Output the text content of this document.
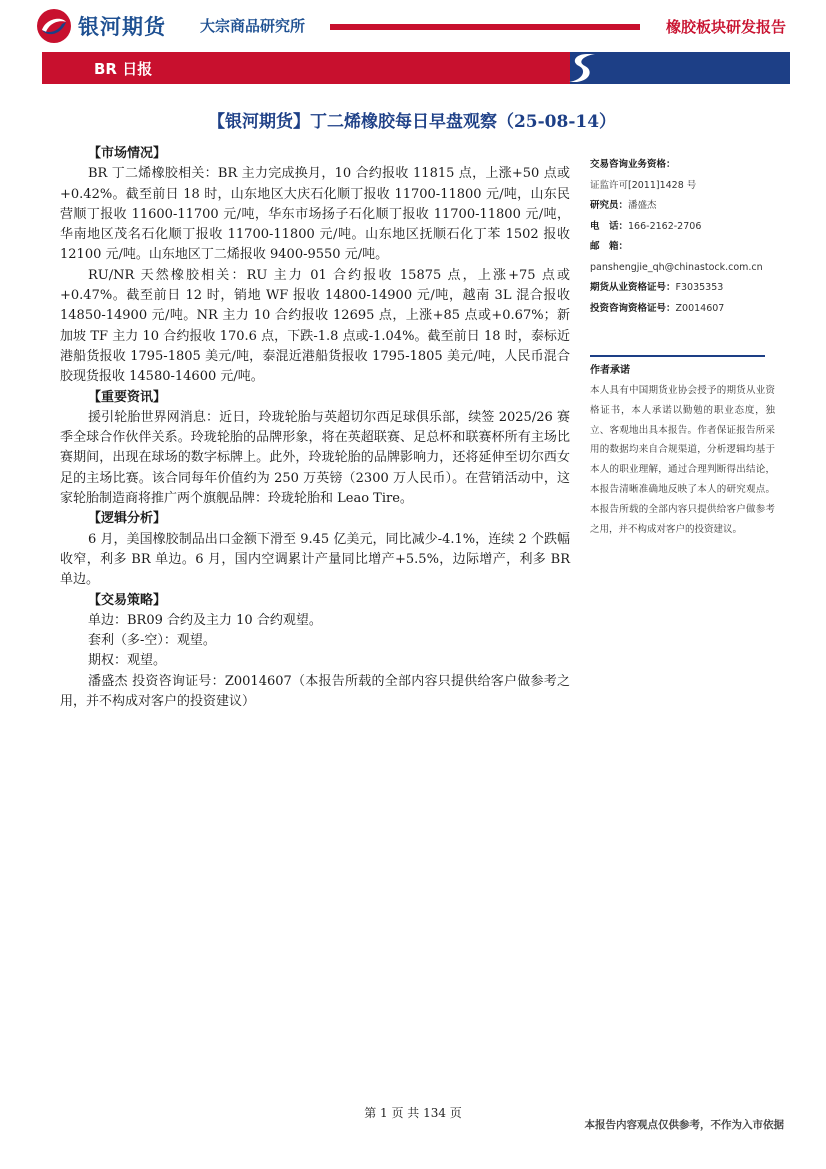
银河期货 大宗商品研究所	橡胶板块研发报告
BR 日报
【银河期货】丁二烯橡胶每日早盘观察（25-08-14）
【市场情况】

BR 丁二烯橡胶相关：BR 主力完成换月，10 合约报收 11815 点，上涨+50 点或+0.42%。截至前日 18 时，山东地区大庆石化顺丁报收 11700-11800 元/吨，山东民营顺丁报收 11600-11700 元/吨，华东市场扬子石化顺丁报收 11700-11800 元/吨，华南地区茂名石化顺丁报收 11700-11800 元/吨。山东地区抚顺石化丁苯 1502 报收 12100 元/吨。山东地区丁二烯报收 9400-9550 元/吨。

RU/NR 天然橡胶相关：RU 主力 01 合约报收 15875 点，上涨+75 点或+0.47%。截至前日 12 时，销地 WF 报收 14800-14900 元/吨，越南 3L 混合报收 14850-14900 元/吨。NR 主力 10 合约报收 12695 点，上涨+85 点或+0.67%；新加坡 TF 主力 10 合约报收 170.6 点，下跌-1.8 点或-1.04%。截至前日 18 时，泰标近港船货报收 1795-1805 美元/吨，泰混近港船货报收 1795-1805 美元/吨，人民币混合胶现货报收 14580-14600 元/吨。

【重要资讯】

援引轮胎世界网消息：近日，玲珑轮胎与英超切尔西足球俱乐部，续签 2025/26 赛季全球合作伙伴关系。玲珑轮胎的品牌形象，将在英超联赛、足总杯和联赛杯所有主场比赛期间，出现在球场的数字标牌上。此外，玲珑轮胎的品牌影响力，还将延伸至切尔西女足的主场比赛。该合同每年价值约为 250 万英镑（2300 万人民币）。在营销活动中，这家轮胎制造商将推广两个旗舰品牌：玲珑轮胎和 Leao Tire。

【逻辑分析】

6 月，美国橡胶制品出口金额下滑至 9.45 亿美元，同比减少-4.1%，连续 2 个跌幅收窄，利多 BR 单边。6 月，国内空调累计产量同比增产+5.5%，边际增产，利多 BR 单边。

【交易策略】
单边：BR09 合约及主力 10 合约观望。
套利（多-空）：观望。
期权：观望。

潘盛杰 投资咨询证号：Z0014607（本报告所载的全部内容只提供给客户做参考之用，并不构成对客户的投资建议）

交易咨询业务资格：
证监许可[2011]1428 号
研究员：潘盛杰
电　话：166-2162-2706
邮　箱：
panshengjie_qh@chinastock.com.cn
期货从业资格证号：F3035353
投资咨询资格证号：Z0014607
作者承诺

本人具有中国期货业协会授予的期货从业资格证书，本人承诺以勤勉的职业态度，独立、客观地出具本报告。作者保证报告所采用的数据均来自合规渠道，分析逻辑均基于本人的职业理解，通过合理判断得出结论，本报告清晰准确地反映了本人的研究观点。本报告所载的全部内容只提供给客户做参考之用，并不构成对客户的投资建议。

第 1 页 共 134 页
本报告内容观点仅供参考，不作为入市依据
